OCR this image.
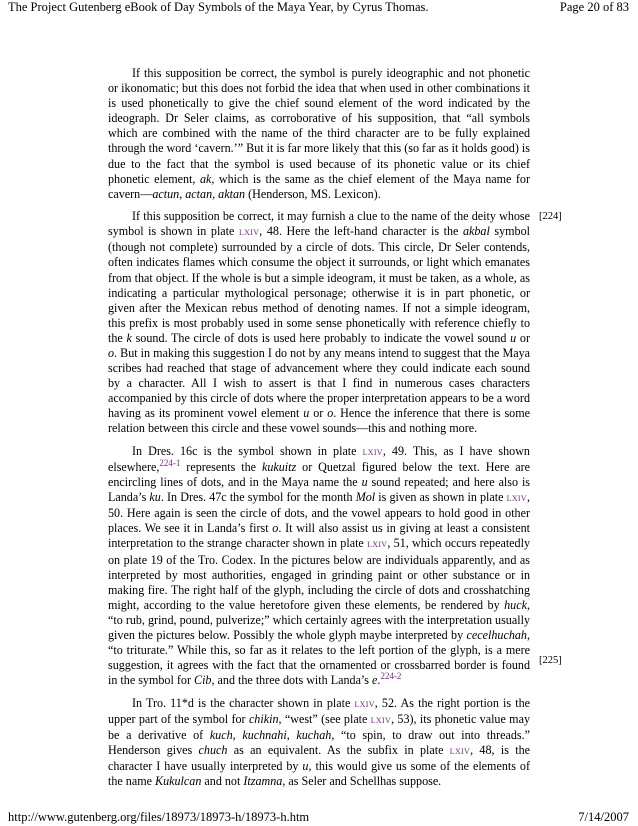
The Project Gutenberg eBook of Day Symbols of the Maya Year, by Cyrus Thomas.	Page 20 of 83
[224]
[225]

If this supposition be correct, the symbol is purely ideographic and not phonetic or ikonomatic; but this does not forbid the idea that when used in other combinations it is used phonetically to give the chief sound element of the word indicated by the ideograph. Dr Seler claims, as corroborative of his supposition, that “all symbols which are combined with the name of the third character are to be fully explained through the word ‘cavern.’” But it is far more likely that this (so far as it holds good) is due to the fact that the symbol is used because of its phonetic value or its chief phonetic element, ak, which is the same as the chief element of the Maya name for cavern—actun, actan, aktan (Henderson, MS. Lexicon).

If this supposition be correct, it may furnish a clue to the name of the deity whose symbol is shown in plate lxiv, 48. Here the left-hand character is the akbal symbol (though not complete) surrounded by a circle of dots. This circle, Dr Seler contends, often indicates flames which consume the object it surrounds, or light which emanates from that object. If the whole is but a simple ideogram, it must be taken, as a whole, as indicating a particular mythological personage; otherwise it is in part phonetic, or given after the Mexican rebus method of denoting names. If not a simple ideogram, this prefix is most probably used in some sense phonetically with reference chiefly to the k sound. The circle of dots is used here probably to indicate the vowel sound u or o. But in making this suggestion I do not by any means intend to suggest that the Maya scribes had reached that stage of advancement where they could indicate each sound by a character. All I wish to assert is that I find in numerous cases characters accompanied by this circle of dots where the proper interpretation appears to be a word having as its prominent vowel element u or o. Hence the inference that there is some relation between this circle and these vowel sounds—this and nothing more.

In Dres. 16c is the symbol shown in plate lxiv, 49. This, as I have shown elsewhere,$^{224-1}$ represents the kukuitz or Quetzal figured below the text. Here are encircling lines of dots, and in the Maya name the u sound repeated; and here also is Landa’s ku. In Dres. 47c the symbol for the month Mol is given as shown in plate lxiv, 50. Here again is seen the circle of dots, and the vowel appears to hold good in other places. We see it in Landa’s first o. It will also assist us in giving at least a consistent interpretation to the strange character shown in plate lxiv, 51, which occurs repeatedly on plate 19 of the Tro. Codex. In the pictures below are individuals apparently, and as interpreted by most authorities, engaged in grinding paint or other substance or in making fire. The right half of the glyph, including the circle of dots and crosshatching might, according to the value heretofore given these elements, be rendered by huck, “to rub, grind, pound, pulverize;” which certainly agrees with the interpretation usually given the pictures below. Possibly the whole glyph maybe interpreted by cecelhuchah, “to triturate.” While this, so far as it relates to the left portion of the glyph, is a mere suggestion, it agrees with the fact that the ornamented or crossbarred border is found in the symbol for Cib, and the three dots with Landa’s e.$^{224-2}$

In Tro. 11*d is the character shown in plate lxiv, 52. As the right portion is the upper part of the symbol for chikin, “west” (see plate lxiv, 53), its phonetic value may be a derivative of kuch, kuchnahi, kuchah, “to spin, to draw out into threads.” Henderson gives chuch as an equivalent. As the subfix in plate lxiv, 48, is the character I have usually interpreted by u, this would give us some of the elements of the name Kukulcan and not Itzamna, as Seler and Schellhas suppose.

http://www.gutenberg.org/files/18973/18973-h/18973-h.htm	7/14/2007
